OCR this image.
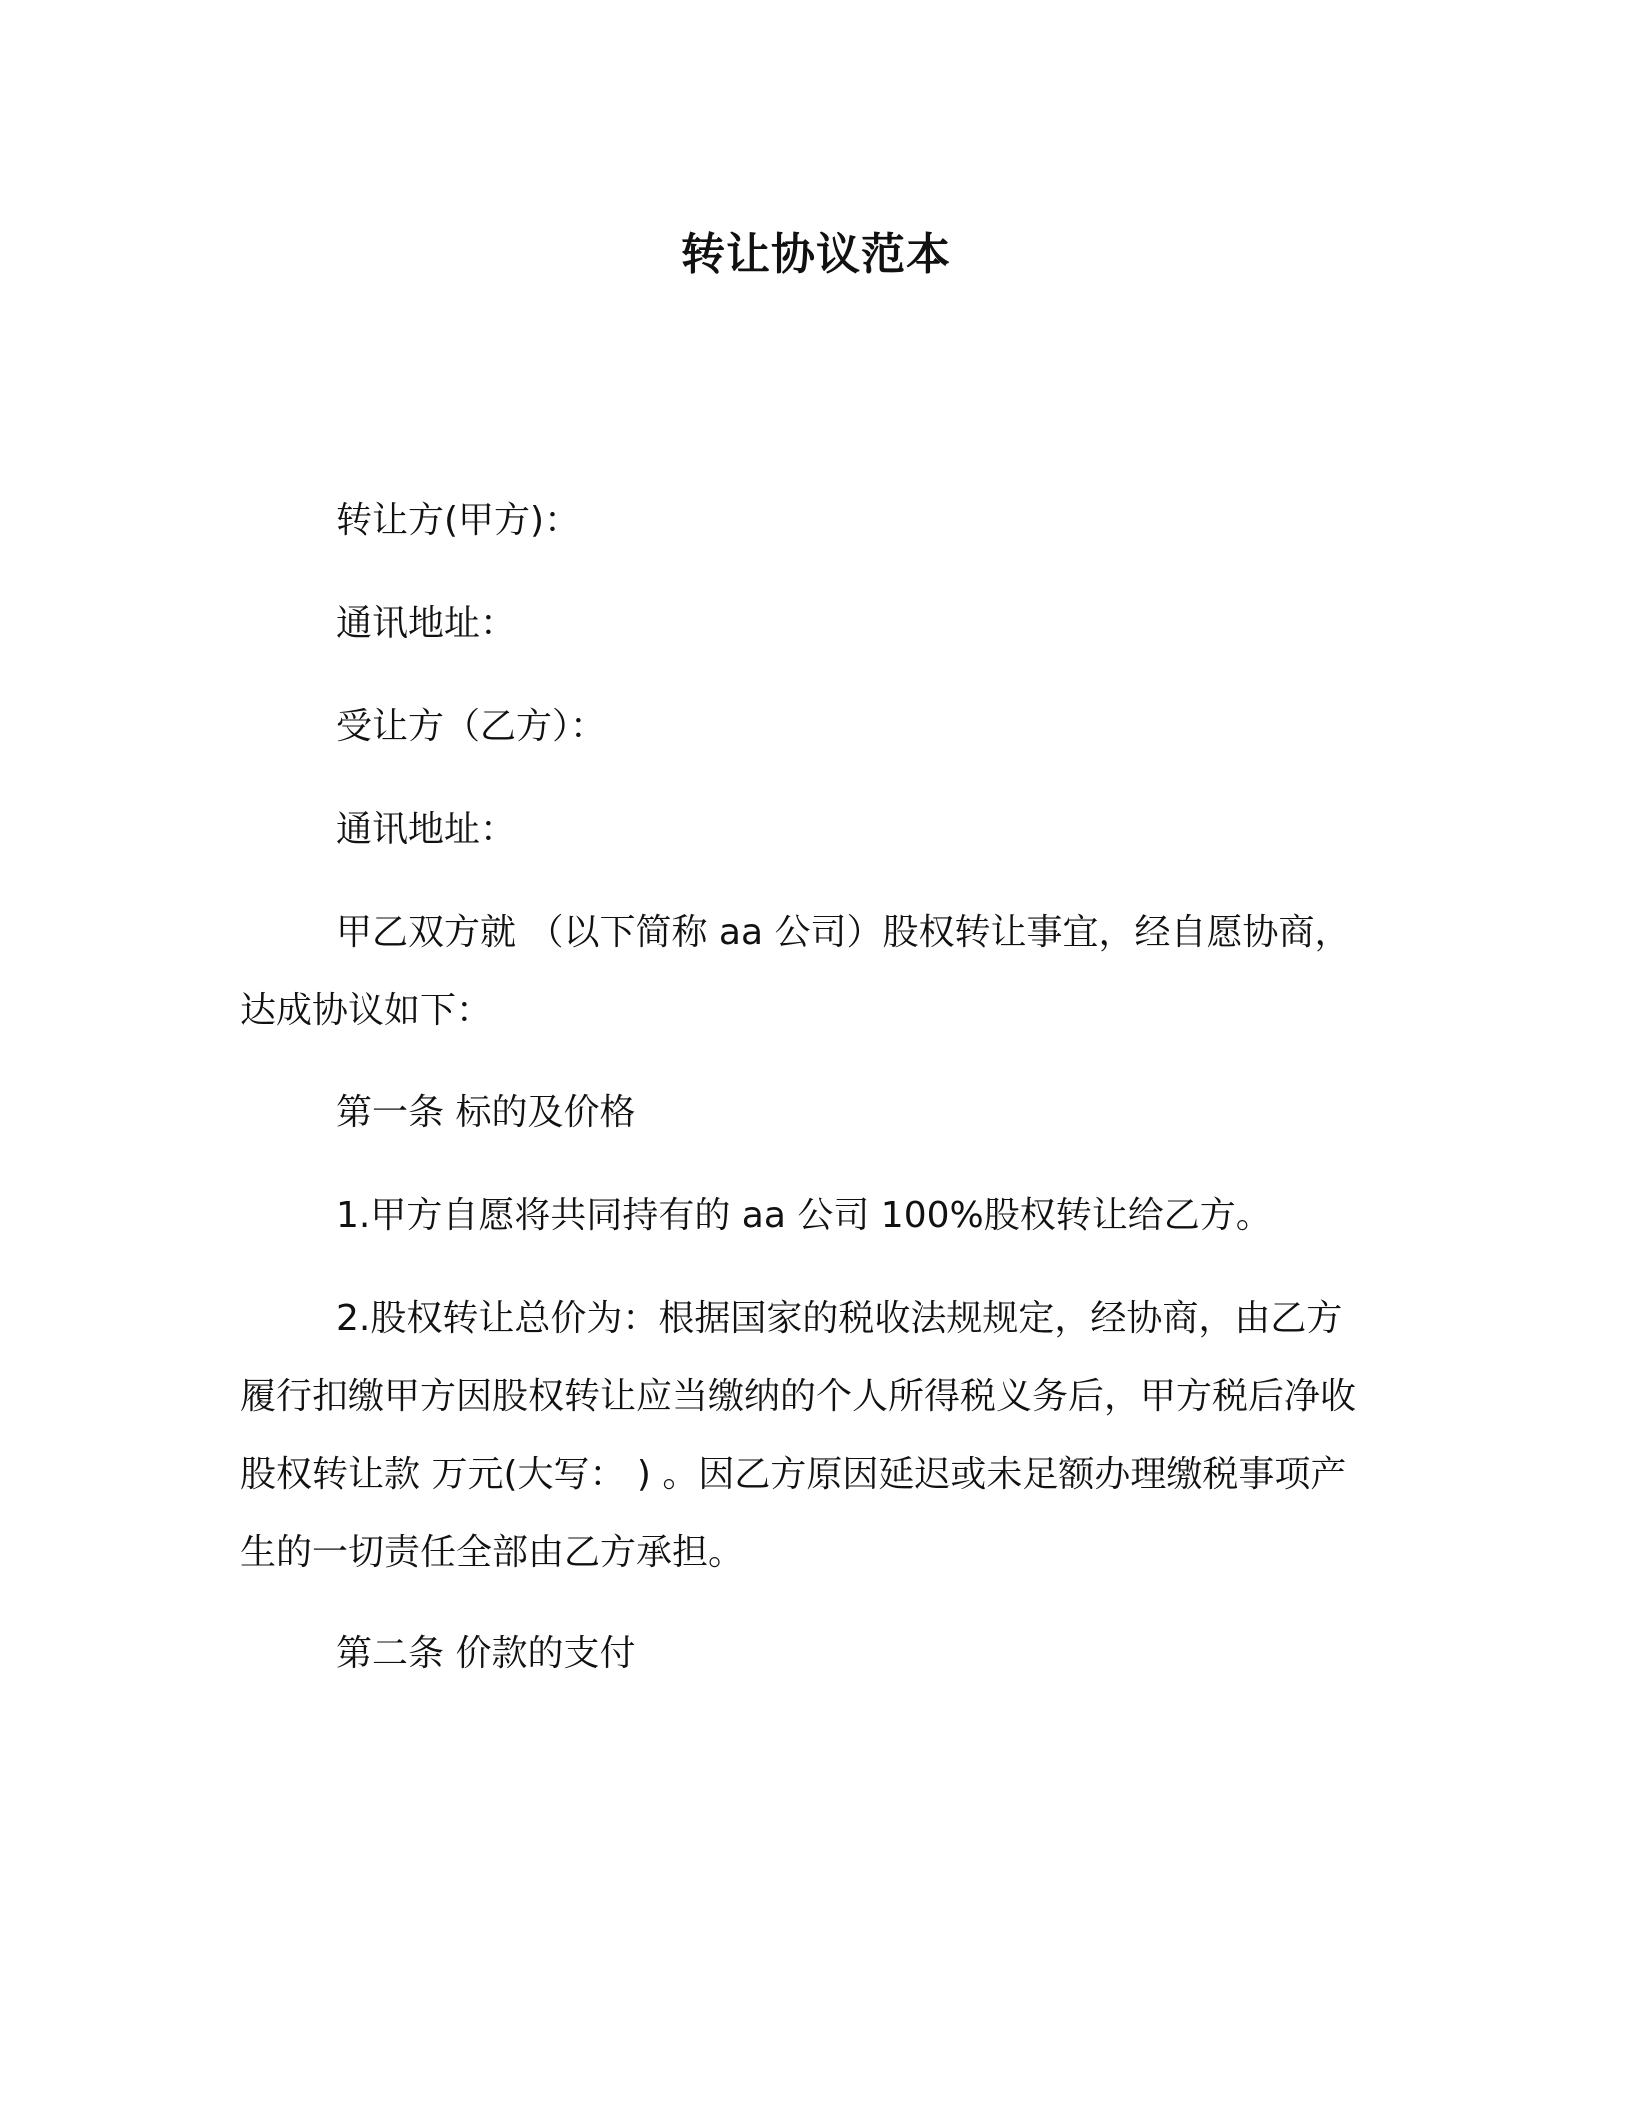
转让协议范本

转让方(甲方)：

通讯地址：

受让方（乙方）：

通讯地址：

甲乙双方就 （以下简称 aa 公司）股权转让事宜，经自愿协商，达成协议如下：

第一条 标的及价格

1.甲方自愿将共同持有的 aa 公司 100%股权转让给乙方。

2.股权转让总价为：根据国家的税收法规规定，经协商，由乙方履行扣缴甲方因股权转让应当缴纳的个人所得税义务后，甲方税后净收股权转让款 万元(大写： ) 。因乙方原因延迟或未足额办理缴税事项产生的一切责任全部由乙方承担。

第二条 价款的支付
